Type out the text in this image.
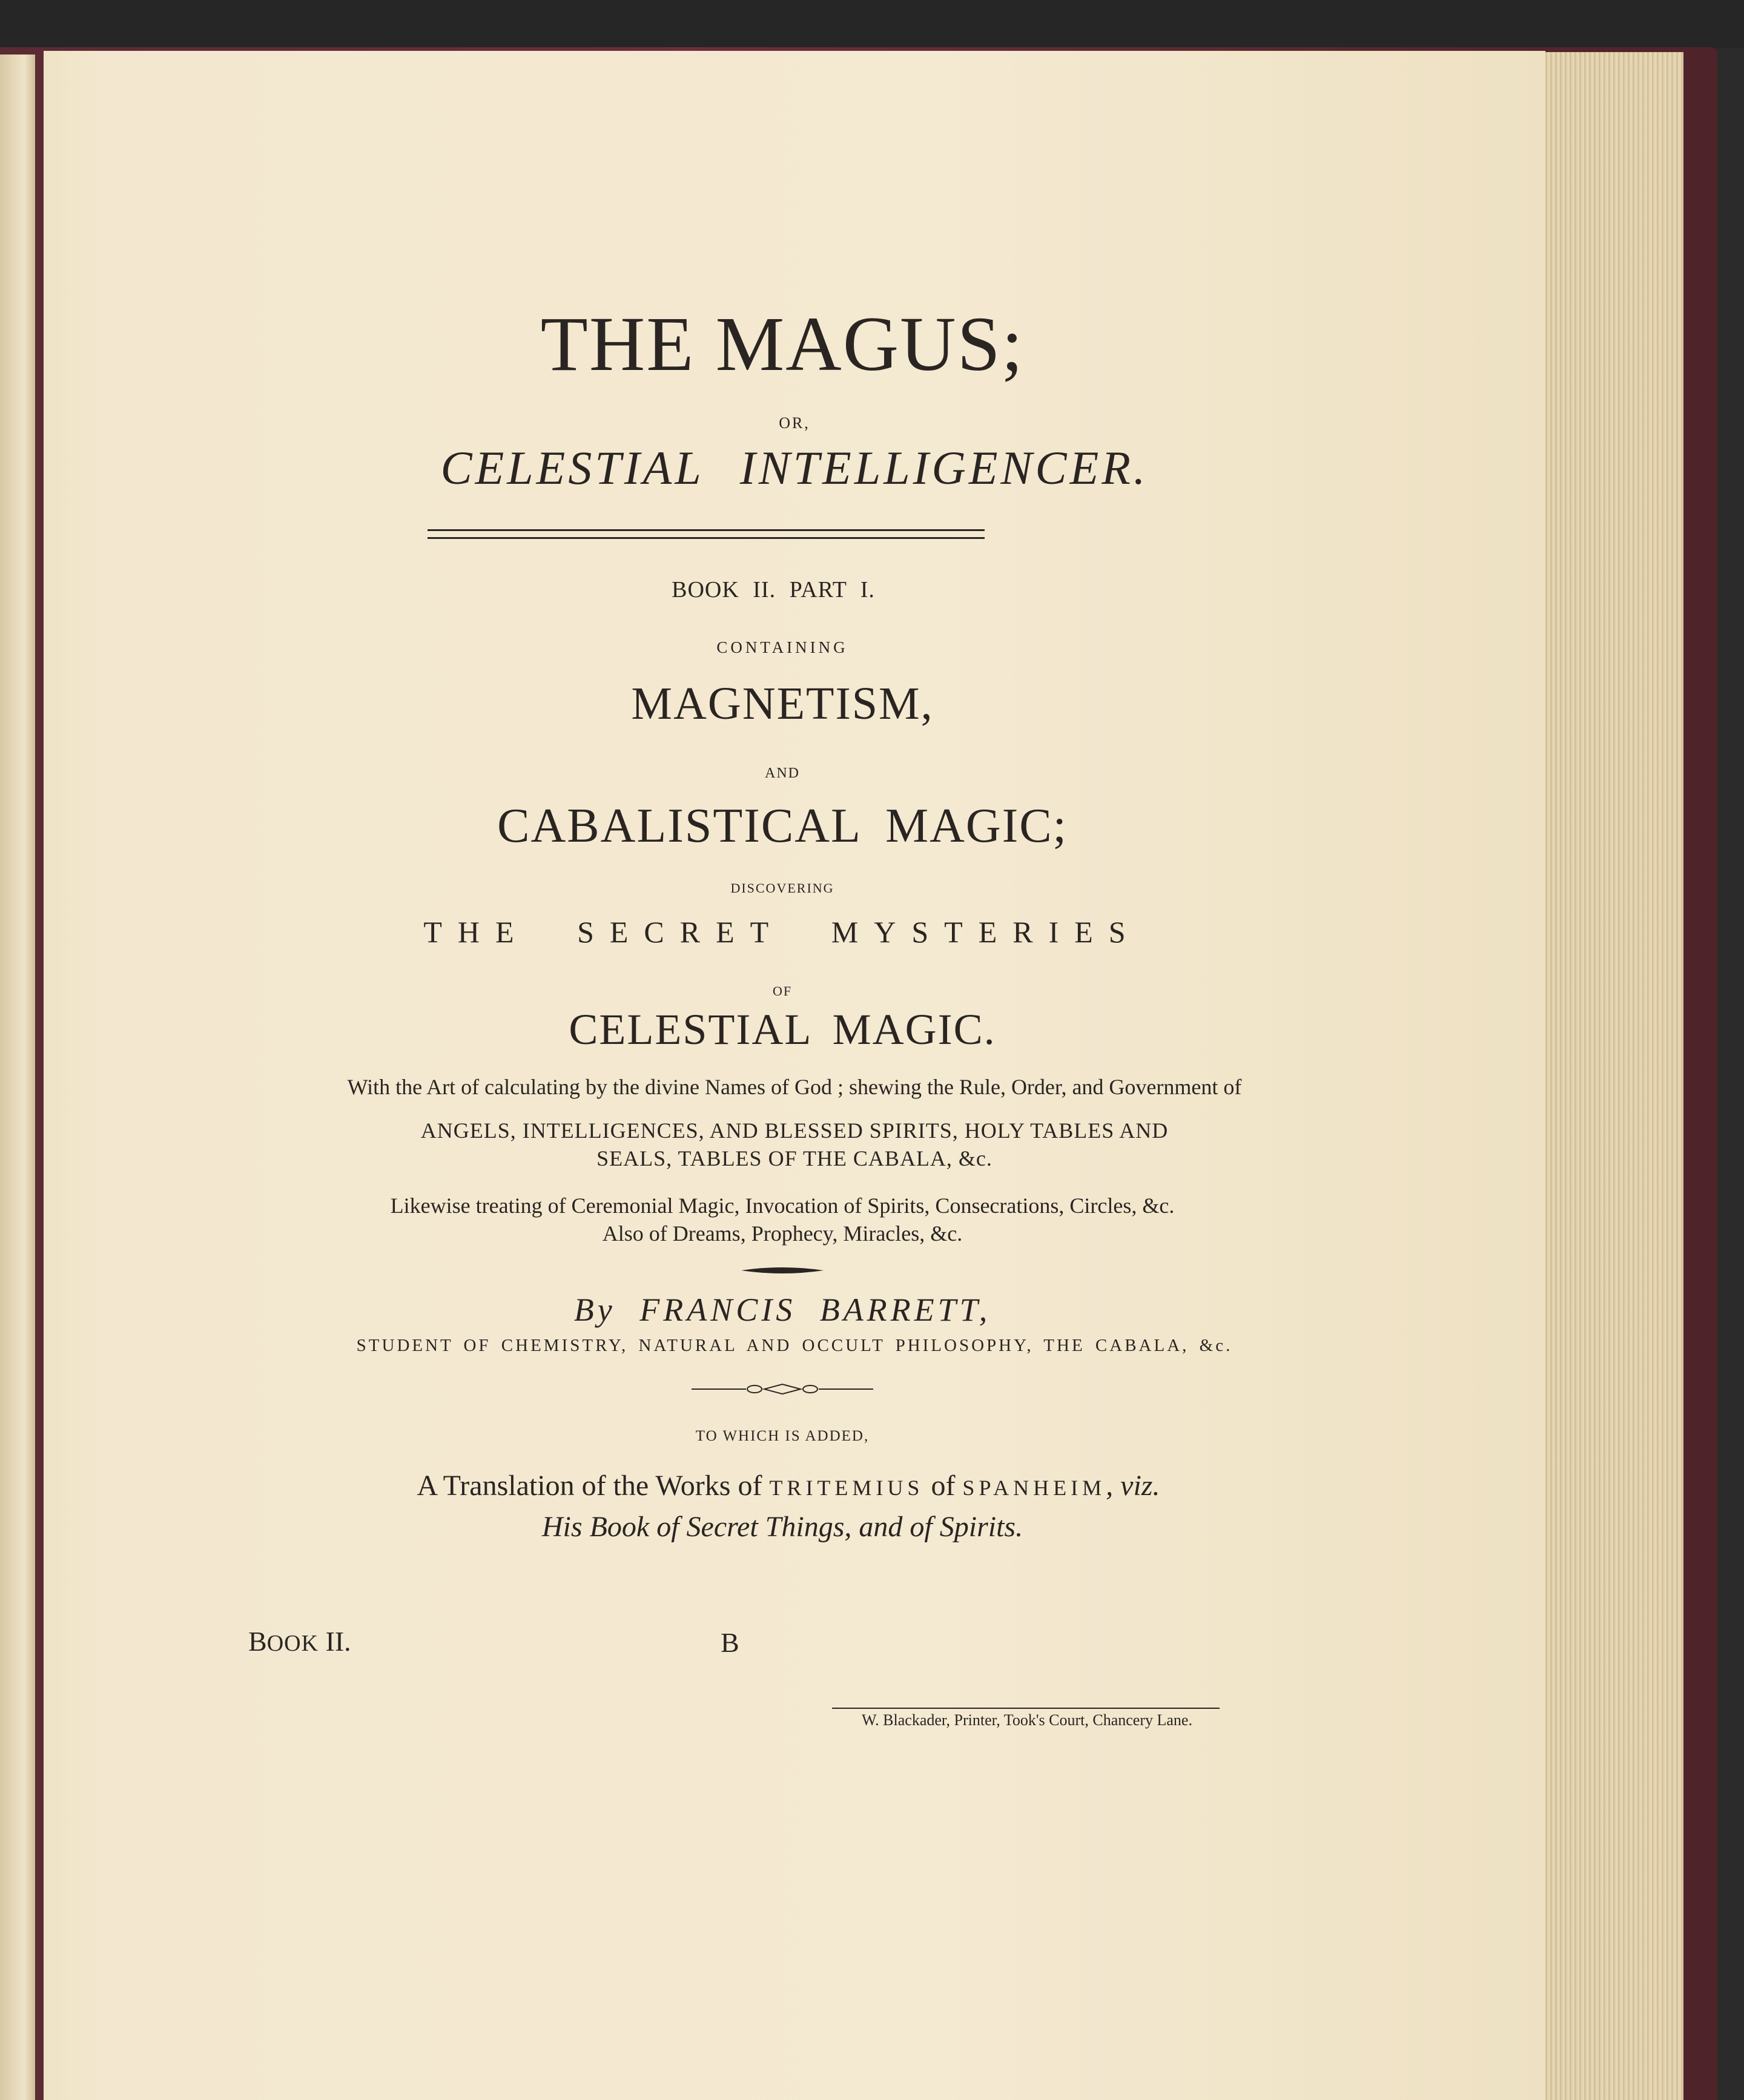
THE MAGUS;
OR,
CELESTIAL INTELLIGENCER.
BOOK II. PART I.
CONTAINING
MAGNETISM,
AND
CABALISTICAL MAGIC;
DISCOVERING
THE SECRET MYSTERIES
OF
CELESTIAL MAGIC.
With the Art of calculating by the divine Names of God ; shewing the Rule, Order, and Government of
ANGELS, INTELLIGENCES, AND BLESSED SPIRITS, HOLY TABLES AND
SEALS, TABLES OF THE CABALA, &c.
Likewise treating of Ceremonial Magic, Invocation of Spirits, Consecrations, Circles, &c.
Also of Dreams, Prophecy, Miracles, &c.
By FRANCIS BARRETT,
STUDENT OF CHEMISTRY, NATURAL AND OCCULT PHILOSOPHY, THE CABALA, &c.
TO WHICH IS ADDED,
A Translation of the Works of TRITEMIUS of SPANHEIM, viz.
His Book of Secret Things, and of Spirits.
BOOK II.	B
W. Blackader, Printer, Took's Court, Chancery Lane.
